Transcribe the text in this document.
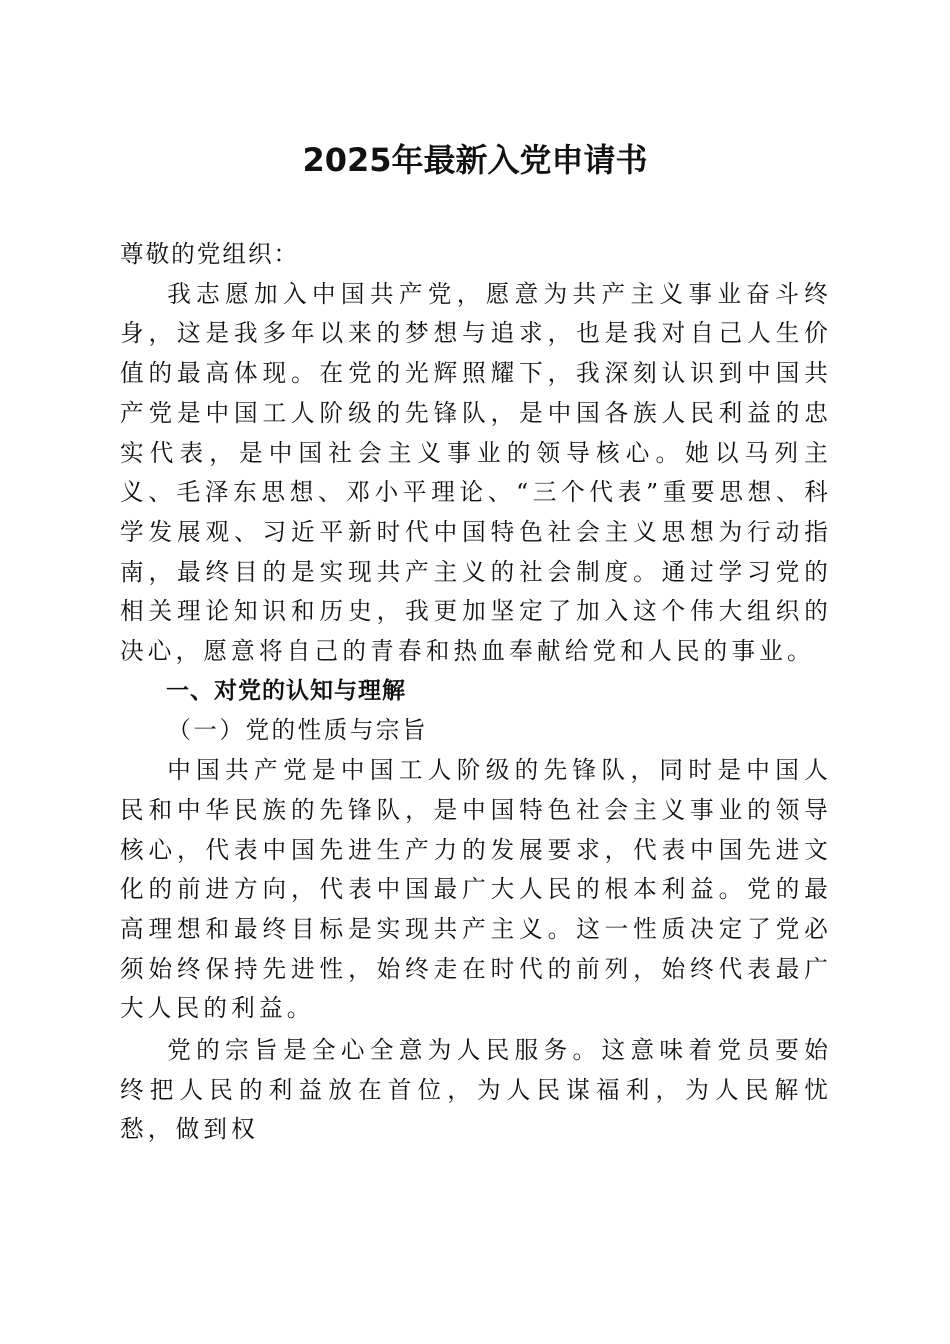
2025年最新入党申请书

尊敬的党组织：

我志愿加入中国共产党，愿意为共产主义事业奋斗终身，这是我多年以来的梦想与追求，也是我对自己人生价值的最高体现。在党的光辉照耀下，我深刻认识到中国共产党是中国工人阶级的先锋队，是中国各族人民利益的忠实代表，是中国社会主义事业的领导核心。她以马列主义、毛泽东思想、邓小平理论、“三个代表”重要思想、科学发展观、习近平新时代中国特色社会主义思想为行动指南，最终目的是实现共产主义的社会制度。通过学习党的相关理论知识和历史，我更加坚定了加入这个伟大组织的决心，愿意将自己的青春和热血奉献给党和人民的事业。

一、对党的认知与理解

（一）党的性质与宗旨

中国共产党是中国工人阶级的先锋队，同时是中国人民和中华民族的先锋队，是中国特色社会主义事业的领导核心，代表中国先进生产力的发展要求，代表中国先进文化的前进方向，代表中国最广大人民的根本利益。党的最高理想和最终目标是实现共产主义。这一性质决定了党必须始终保持先进性，始终走在时代的前列，始终代表最广大人民的利益。

党的宗旨是全心全意为人民服务。这意味着党员要始终把人民的利益放在首位，为人民谋福利，为人民解忧愁，做到权
